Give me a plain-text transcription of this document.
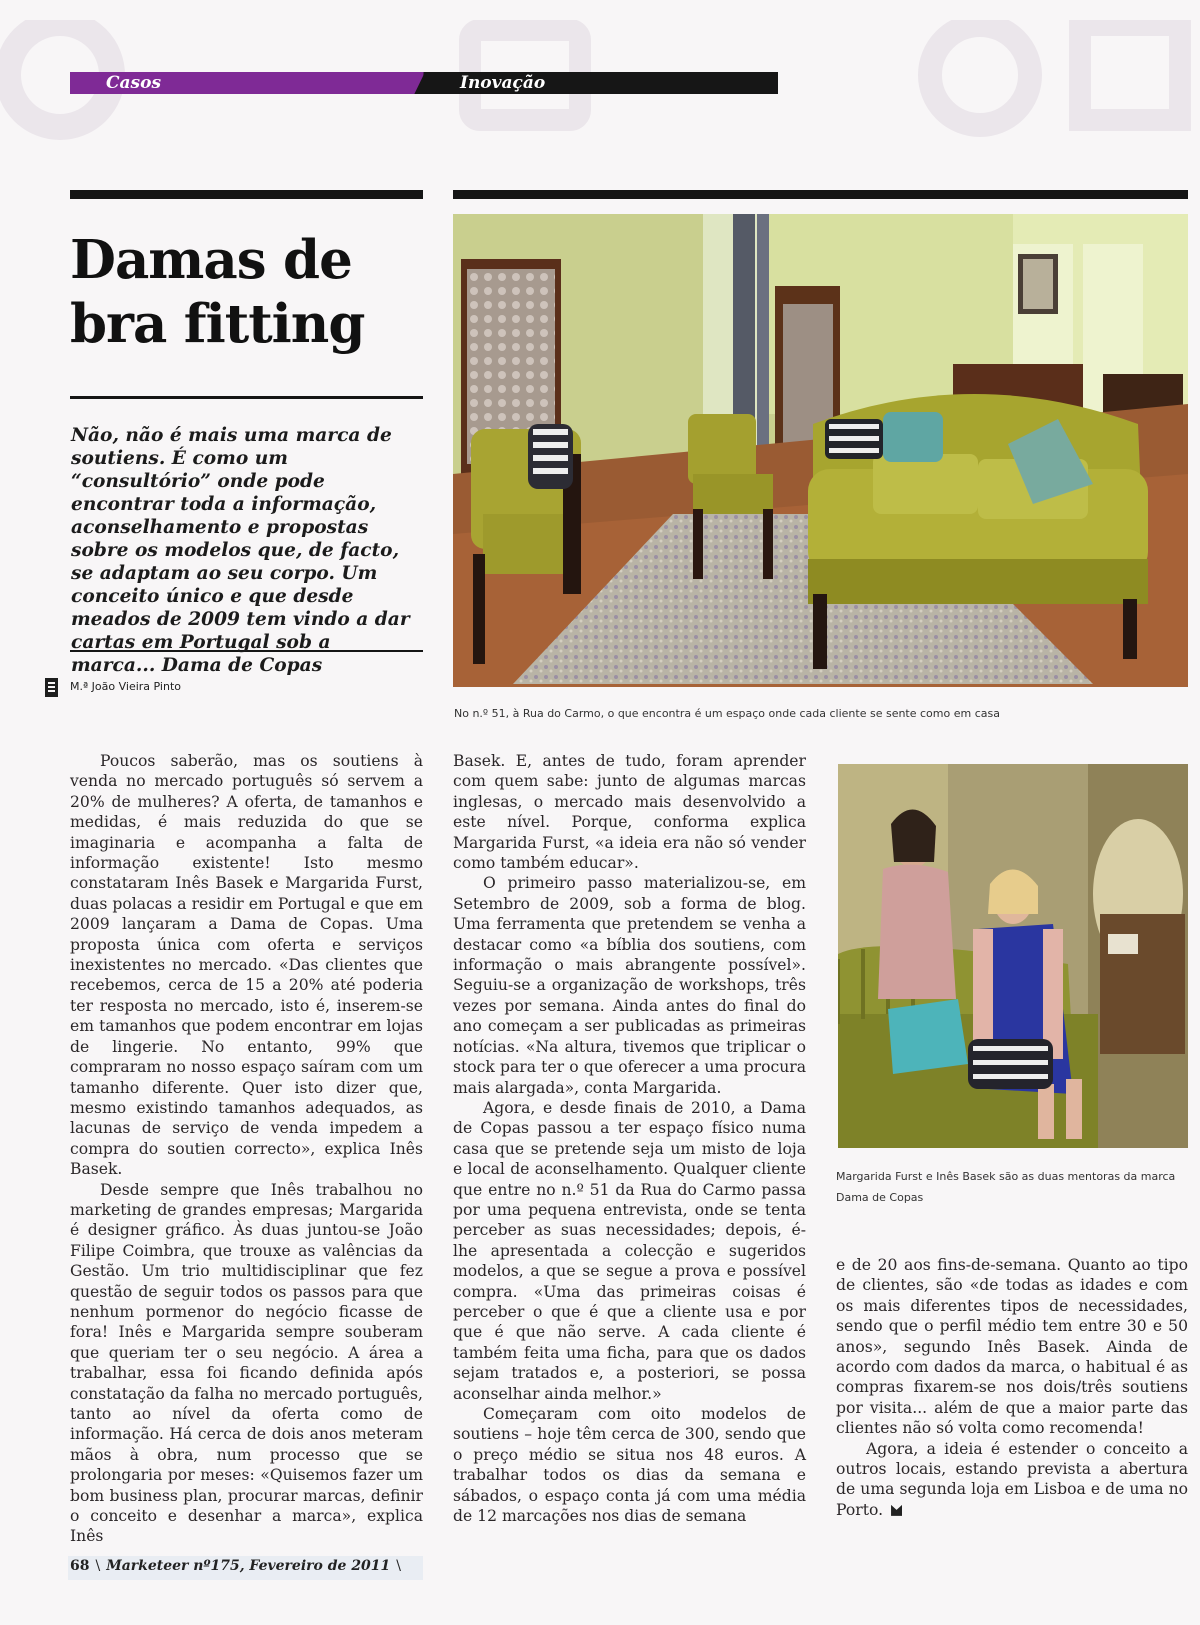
Casos	Inovação
Damas de
bra fitting
Não, não é mais uma marca de soutiens. É como um “consultório” onde pode encontrar toda a informação, aconselhamento e propostas sobre os modelos que, de facto, se adaptam ao seu corpo. Um conceito único e que desde meados de 2009 tem vindo a dar cartas em Portugal sob a marca... Dama de Copas
M.ª João Vieira Pinto
No n.º 51, à Rua do Carmo, o que encontra é um espaço onde cada cliente se sente como em casa
Margarida Furst e Inês Basek são as duas mentoras da marca Dama de Copas

Poucos saberão, mas os soutiens à venda no mercado português só servem a 20% de mulheres? A oferta, de tamanhos e medidas, é mais reduzida do que se imaginaria e acompanha a falta de informação existente! Isto mesmo constataram Inês Basek e Margarida Furst, duas polacas a residir em Portugal e que em 2009 lançaram a Dama de Copas. Uma proposta única com oferta e serviços inexistentes no mercado. «Das clientes que recebemos, cerca de 15 a 20% até poderia ter resposta no mercado, isto é, inserem-se em tamanhos que podem encontrar em lojas de lingerie. No entanto, 99% que compraram no nosso espaço saíram com um tamanho diferente. Quer isto dizer que, mesmo existindo tamanhos adequados, as lacunas de serviço de venda impedem a compra do soutien correcto», explica Inês Basek.

Desde sempre que Inês trabalhou no marketing de grandes empresas; Margarida é designer gráfico. Às duas juntou-se João Filipe Coimbra, que trouxe as valências da Gestão. Um trio multidisciplinar que fez questão de seguir todos os passos para que nenhum pormenor do negócio ficasse de fora! Inês e Margarida sempre souberam que queriam ter o seu negócio. A área a trabalhar, essa foi ficando definida após constatação da falha no mercado português, tanto ao nível da oferta como de informação. Há cerca de dois anos meteram mãos à obra, num processo que se prolongaria por meses: «Quisemos fazer um bom business plan, procurar marcas, definir o conceito e desenhar a marca», explica Inês

Basek. E, antes de tudo, foram aprender com quem sabe: junto de algumas marcas inglesas, o mercado mais desenvolvido a este nível. Porque, conforma explica Margarida Furst, «a ideia era não só vender como também educar».

O primeiro passo materializou-se, em Setembro de 2009, sob a forma de blog. Uma ferramenta que pretendem se venha a destacar como «a bíblia dos soutiens, com informação o mais abrangente possível». Seguiu-se a organização de workshops, três vezes por semana. Ainda antes do final do ano começam a ser publicadas as primeiras notícias. «Na altura, tivemos que triplicar o stock para ter o que oferecer a uma procura mais alargada», conta Margarida.

Agora, e desde finais de 2010, a Dama de Copas passou a ter espaço físico numa casa que se pretende seja um misto de loja e local de aconselhamento. Qualquer cliente que entre no n.º 51 da Rua do Carmo passa por uma pequena entrevista, onde se tenta perceber as suas necessidades; depois, é-lhe apresentada a colecção e sugeridos modelos, a que se segue a prova e possível compra. «Uma das primeiras coisas é perceber o que é que a cliente usa e por que é que não serve. A cada cliente é também feita uma ficha, para que os dados sejam tratados e, a posteriori, se possa aconselhar ainda melhor.»

Começaram com oito modelos de soutiens – hoje têm cerca de 300, sendo que o preço médio se situa nos 48 euros. A trabalhar todos os dias da semana e sábados, o espaço conta já com uma média de 12 marcações nos dias de semana

e de 20 aos fins-de-semana. Quanto ao tipo de clientes, são «de todas as idades e com os mais diferentes tipos de necessidades, sendo que o perfil médio tem entre 30 e 50 anos», segundo Inês Basek. Ainda de acordo com dados da marca, o habitual é as compras fixarem-se nos dois/três soutiens por visita... além de que a maior parte das clientes não só volta como recomenda!

Agora, a ideia é estender o conceito a outros locais, estando prevista a abertura de uma segunda loja em Lisboa e de uma no Porto.

68 \ Marketeer nº175, Fevereiro de 2011 \
